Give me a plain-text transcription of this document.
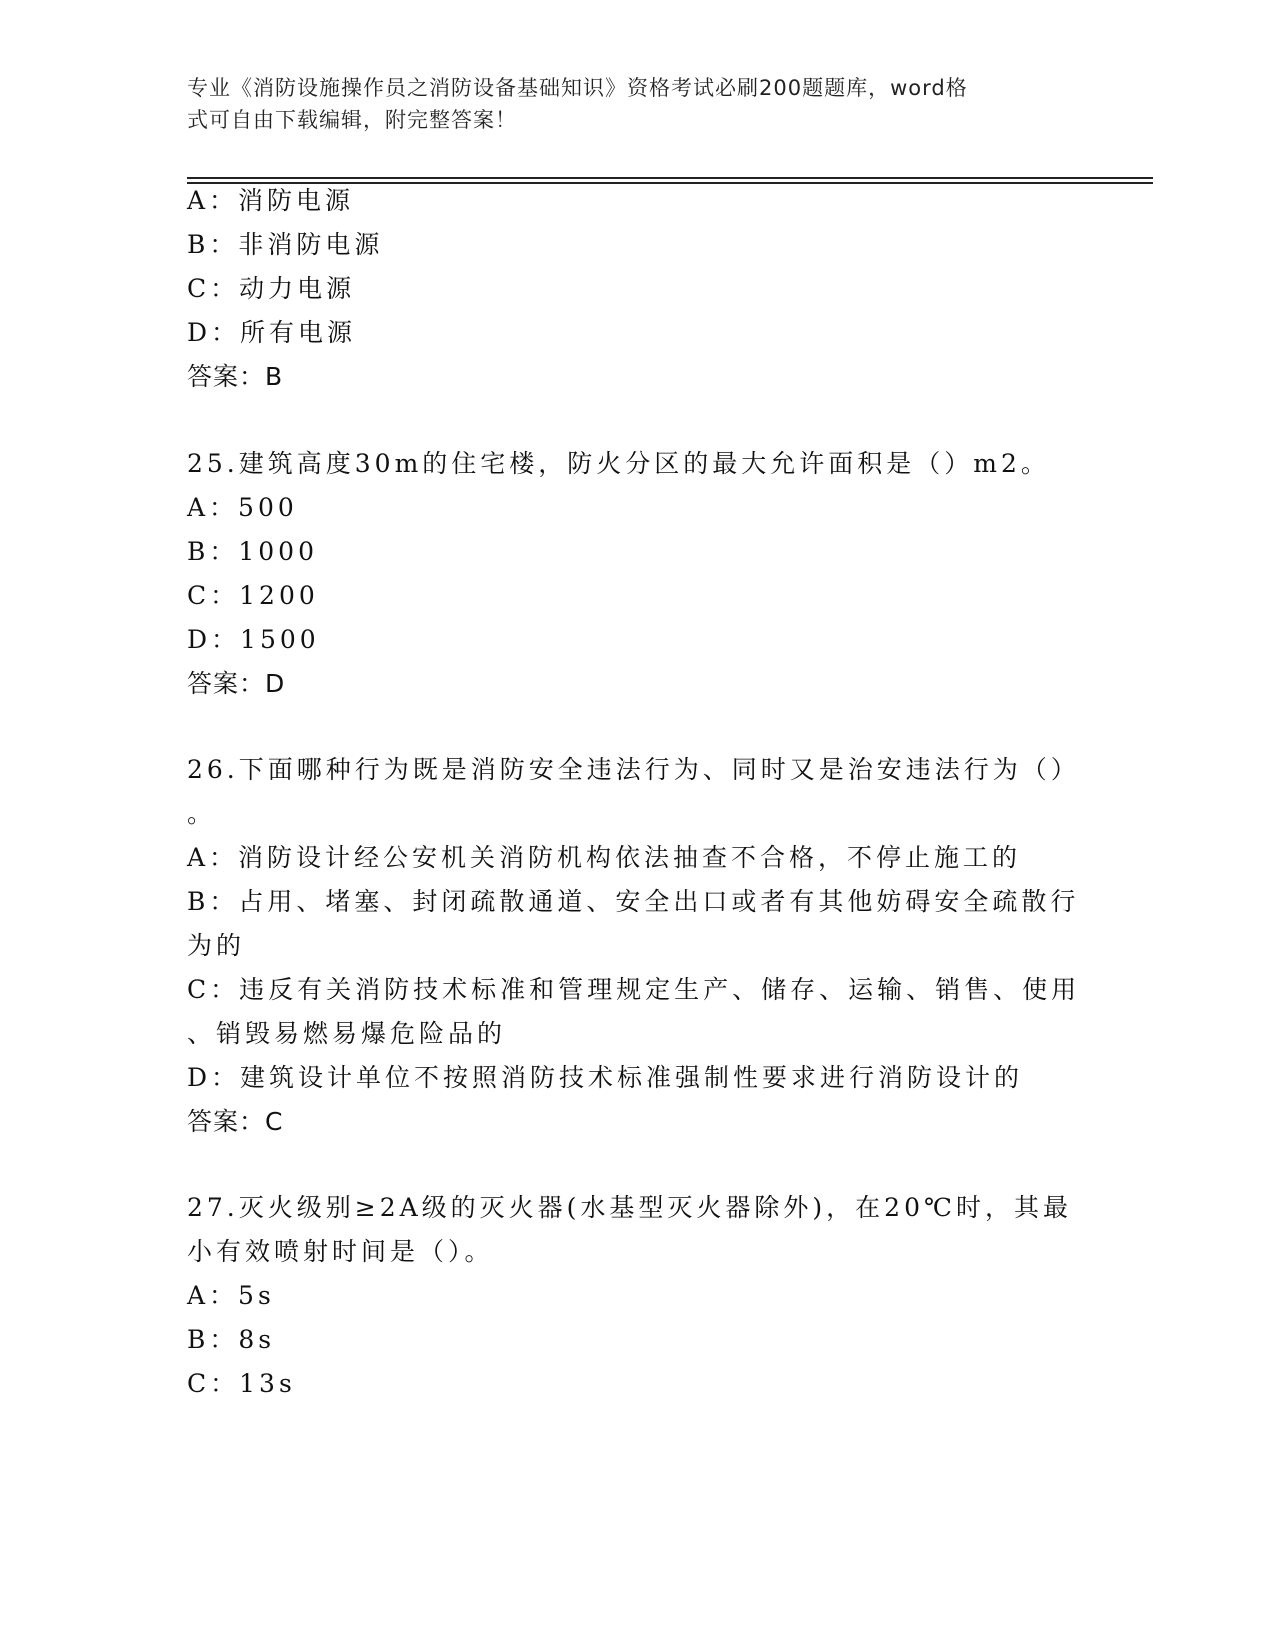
专业《消防设施操作员之消防设备基础知识》资格考试必刷200题题库，word格
式可自由下载编辑，附完整答案！
A：消防电源
B：非消防电源
C：动力电源
D：所有电源
答案：B
25.建筑高度30m的住宅楼，防火分区的最大允许面积是（）m2。
A：500
B：1000
C：1200
D：1500
答案：D
26.下面哪种行为既是消防安全违法行为、同时又是治安违法行为（）
。
A：消防设计经公安机关消防机构依法抽查不合格，不停止施工的
B：占用、堵塞、封闭疏散通道、安全出口或者有其他妨碍安全疏散行
为的
C：违反有关消防技术标准和管理规定生产、储存、运输、销售、使用
、销毁易燃易爆危险品的
D：建筑设计单位不按照消防技术标准强制性要求进行消防设计的
答案：C
27.灭火级别≥2A级的灭火器(水基型灭火器除外)，在20℃时，其最
小有效喷射时间是（）。
A：5s
B：8s
C：13s
